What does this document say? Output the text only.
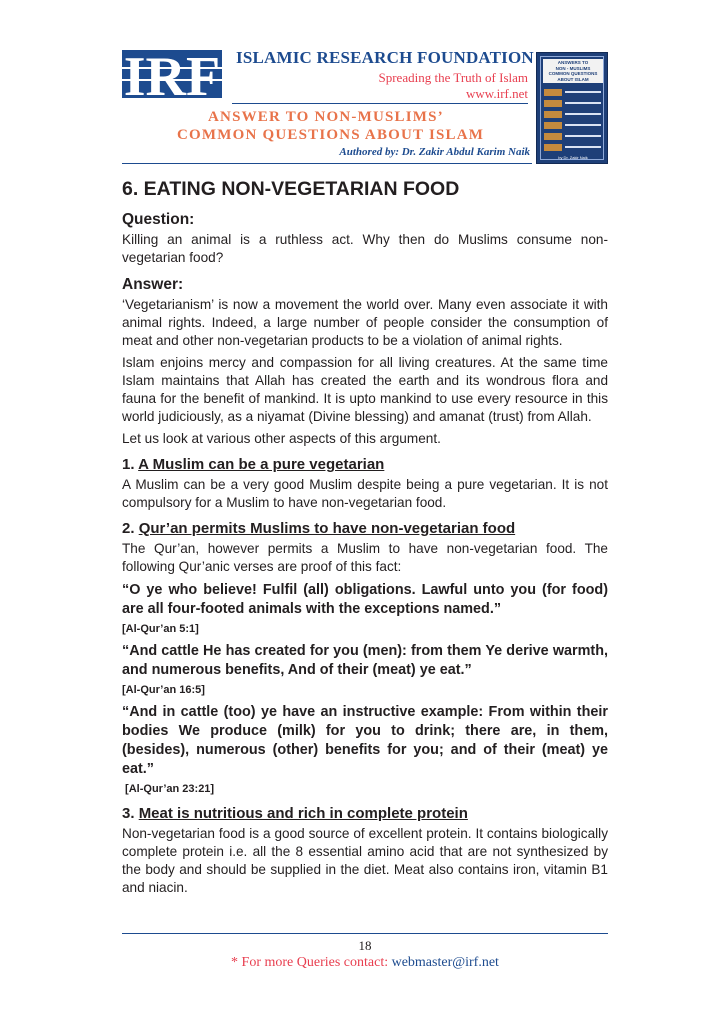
IRF ISLAMIC RESEARCH FOUNDATION
Spreading the Truth of Islam
www.irf.net
ANSWER TO NON-MUSLIMS’
COMMON QUESTIONS ABOUT ISLAM
Authored by: Dr. Zakir Abdul Karim Naik
ANSWERS TO
NON - MUSLIMS
COMMON QUESTIONS
ABOUT ISLAM
by Dr. Zakir Naik
6. EATING NON-VEGETARIAN FOOD
Question:

Killing an animal is a ruthless act. Why then do Muslims consume non-vegetarian food?

Answer:

‘Vegetarianism’ is now a movement the world over. Many even associate it with animal rights. Indeed, a large number of people consider the consumption of meat and other non-vegetarian products to be a violation of animal rights.

Islam enjoins mercy and compassion for all living creatures. At the same time Islam maintains that Allah has created the earth and its wondrous flora and fauna for the benefit of mankind. It is upto mankind to use every resource in this world judiciously, as a niyamat (Divine blessing) and amanat (trust) from Allah.

Let us look at various other aspects of this argument.

1. A Muslim can be a pure vegetarian

A Muslim can be a very good Muslim despite being a pure vegetarian. It is not compulsory for a Muslim to have non-vegetarian food.

2. Qur’an permits Muslims to have non-vegetarian food

The Qur’an, however permits a Muslim to have non-vegetarian food. The following Qur’anic verses are proof of this fact:

“O ye who believe! Fulfil (all) obligations. Lawful unto you (for food) are all four-footed animals with the exceptions named.”
[Al-Qur’an 5:1]
“And cattle He has created for you (men): from them Ye derive warmth, and numerous benefits, And of their (meat) ye eat.”
[Al-Qur’an 16:5]
“And in cattle (too) ye have an instructive example: From within their bodies We produce (milk) for you to drink; there are, in them, (besides), numerous (other) benefits for you; and of their (meat) ye eat.”
[Al-Qur’an 23:21]
3. Meat is nutritious and rich in complete protein

Non-vegetarian food is a good source of excellent protein. It contains biologically complete protein i.e. all the 8 essential amino acid that are not synthesized by the body and should be supplied in the diet. Meat also contains iron, vitamin B1 and niacin.

18
* For more Queries contact: webmaster@irf.net
